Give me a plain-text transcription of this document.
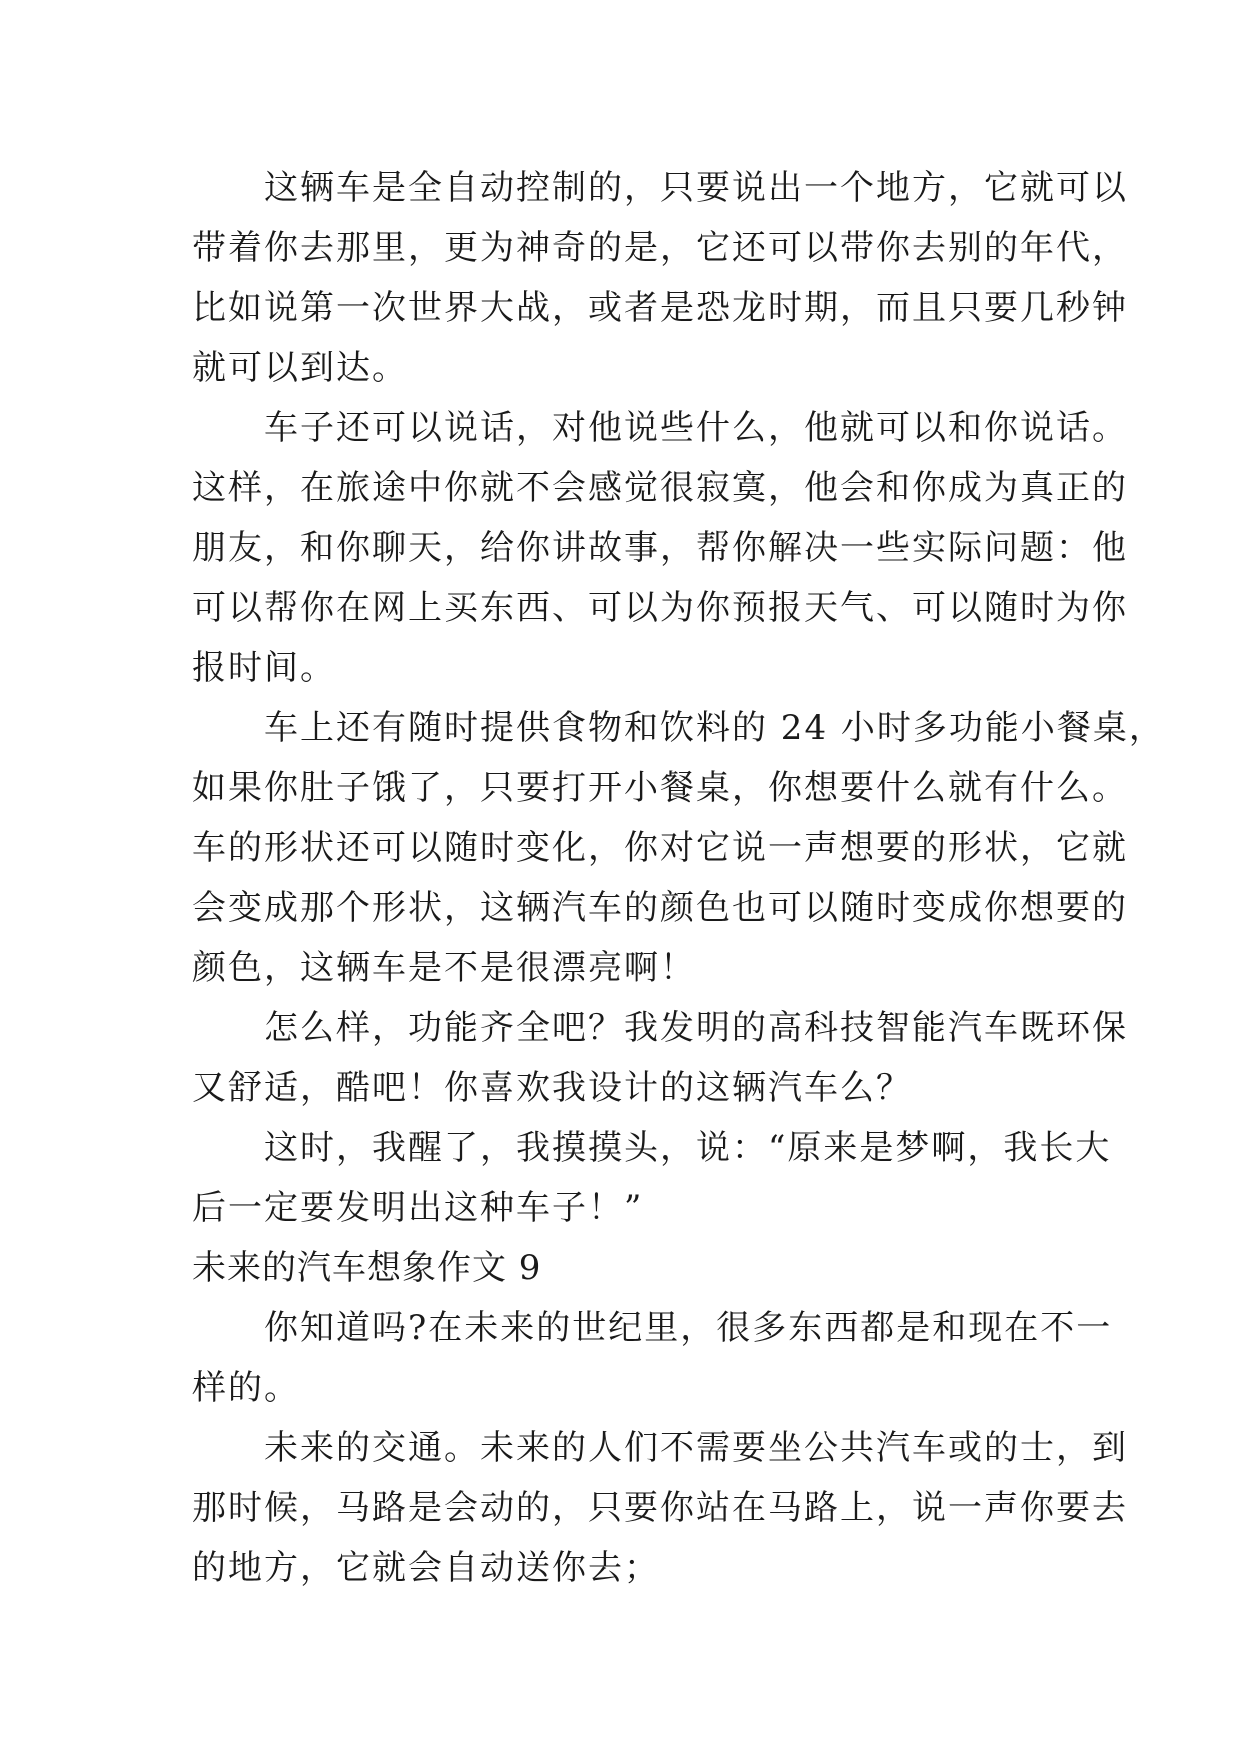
　　这辆车是全自动控制的，只要说出一个地方，它就可以

带着你去那里，更为神奇的是，它还可以带你去别的年代，

比如说第一次世界大战，或者是恐龙时期，而且只要几秒钟

就可以到达。

　　车子还可以说话，对他说些什么，他就可以和你说话。

这样，在旅途中你就不会感觉很寂寞，他会和你成为真正的

朋友，和你聊天，给你讲故事，帮你解决一些实际问题：他

可以帮你在网上买东西、可以为你预报天气、可以随时为你

报时间。

　　车上还有随时提供食物和饮料的 24 小时多功能小餐桌，

如果你肚子饿了，只要打开小餐桌，你想要什么就有什么。

车的形状还可以随时变化，你对它说一声想要的形状，它就

会变成那个形状，这辆汽车的颜色也可以随时变成你想要的

颜色，这辆车是不是很漂亮啊！

　　怎么样，功能齐全吧？我发明的高科技智能汽车既环保

又舒适，酷吧！你喜欢我设计的这辆汽车么？

　　这时，我醒了，我摸摸头，说：“原来是梦啊，我长大

后一定要发明出这种车子！”

未来的汽车想象作文 9

　　你知道吗?在未来的世纪里，很多东西都是和现在不一

样的。

　　未来的交通。未来的人们不需要坐公共汽车或的士，到

那时候，马路是会动的，只要你站在马路上，说一声你要去

的地方，它就会自动送你去；
